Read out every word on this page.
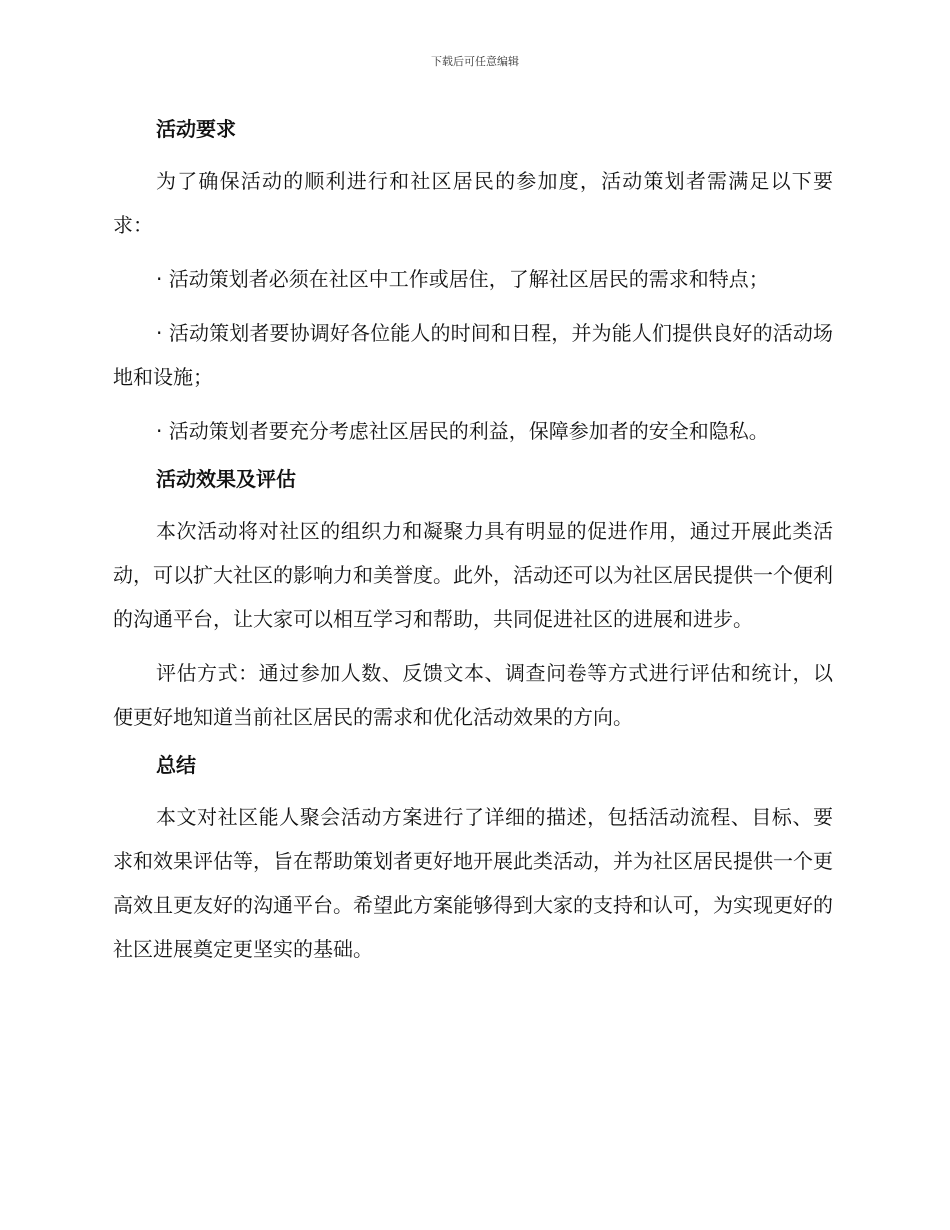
下载后可任意编辑
活动要求

为了确保活动的顺利进行和社区居民的参加度，活动策划者需满足以下要求：

· 活动策划者必须在社区中工作或居住，了解社区居民的需求和特点；

· 活动策划者要协调好各位能人的时间和日程，并为能人们提供良好的活动场地和设施；

· 活动策划者要充分考虑社区居民的利益，保障参加者的安全和隐私。

活动效果及评估

本次活动将对社区的组织力和凝聚力具有明显的促进作用，通过开展此类活动，可以扩大社区的影响力和美誉度。此外，活动还可以为社区居民提供一个便利的沟通平台，让大家可以相互学习和帮助，共同促进社区的进展和进步。

评估方式：通过参加人数、反馈文本、调查问卷等方式进行评估和统计，以便更好地知道当前社区居民的需求和优化活动效果的方向。

总结

本文对社区能人聚会活动方案进行了详细的描述，包括活动流程、目标、要求和效果评估等，旨在帮助策划者更好地开展此类活动，并为社区居民提供一个更高效且更友好的沟通平台。希望此方案能够得到大家的支持和认可，为实现更好的社区进展奠定更坚实的基础。
